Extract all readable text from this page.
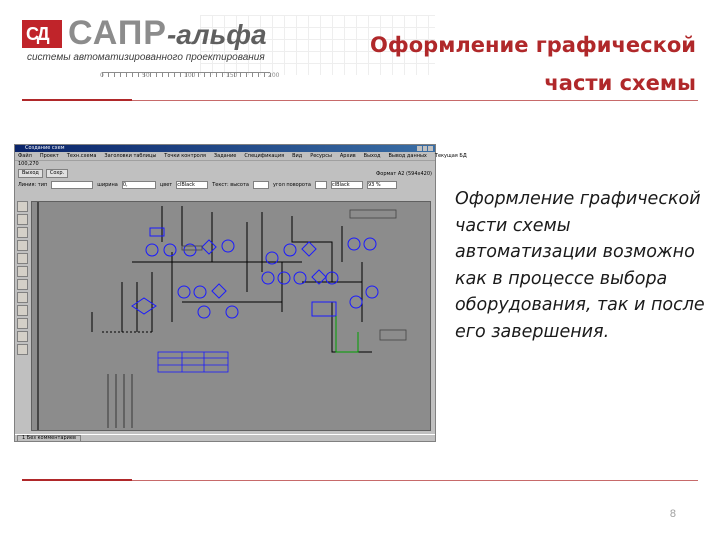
СД САПР-альфа
системы автоматизированного проектирования
0	50	100	150	200
Оформление графической части схемы
Создание схем
Файл Проект Техн.схема Заголовки таблицы Точки контроля Задание Спецификация Вид Ресурсы Архив Выход Вывод данных Текущая БД
100,270
Выход	Сохр.	Формат А2 (594х420)
Линия: тип	ширина 0,	цвет clBlack	Текст: высота	угол поворота	clBlack	93 %
1 Без комментариев
Оформление графической части схемы автоматизации возможно как в процессе выбора оборудования, так и после его завершения.
8
